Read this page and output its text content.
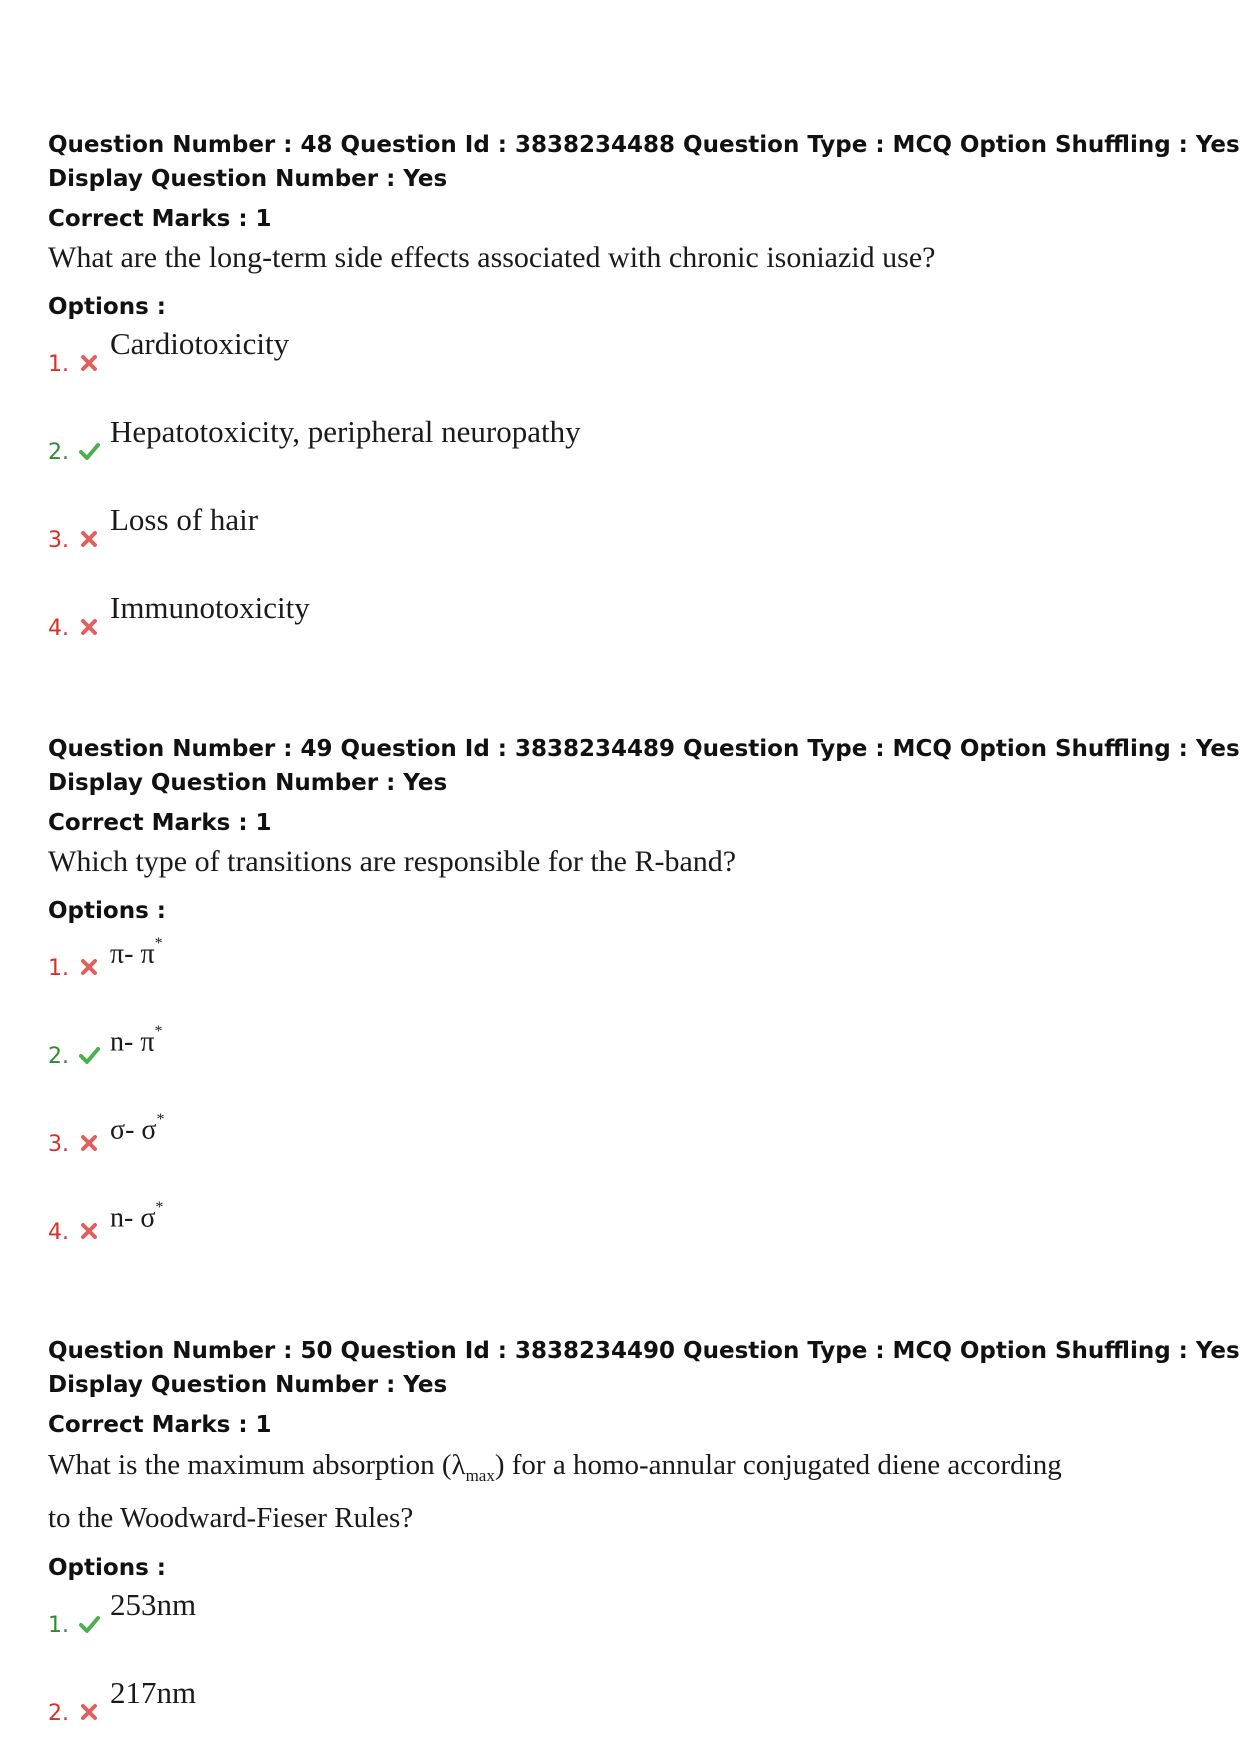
Question Number : 48 Question Id : 3838234488 Question Type : MCQ Option Shuffling : Yes
Display Question Number : Yes
Correct Marks : 1
What are the long-term side effects associated with chronic isoniazid use?
Options :
1.
Cardiotoxicity
2.
Hepatotoxicity, peripheral neuropathy
3.
Loss of hair
4.
Immunotoxicity
Question Number : 49 Question Id : 3838234489 Question Type : MCQ Option Shuffling : Yes
Display Question Number : Yes
Correct Marks : 1
Which type of transitions are responsible for the R-band?
Options :
1. π- π*
2. n- π*
3. σ- σ*
4. n- σ*
Question Number : 50 Question Id : 3838234490 Question Type : MCQ Option Shuffling : Yes
Display Question Number : Yes
Correct Marks : 1
What is the maximum absorption $(\lambda_{max})$ for a homo-annular conjugated diene according
to the Woodward-Fieser Rules?
Options :
1.
253nm
2.
217nm
